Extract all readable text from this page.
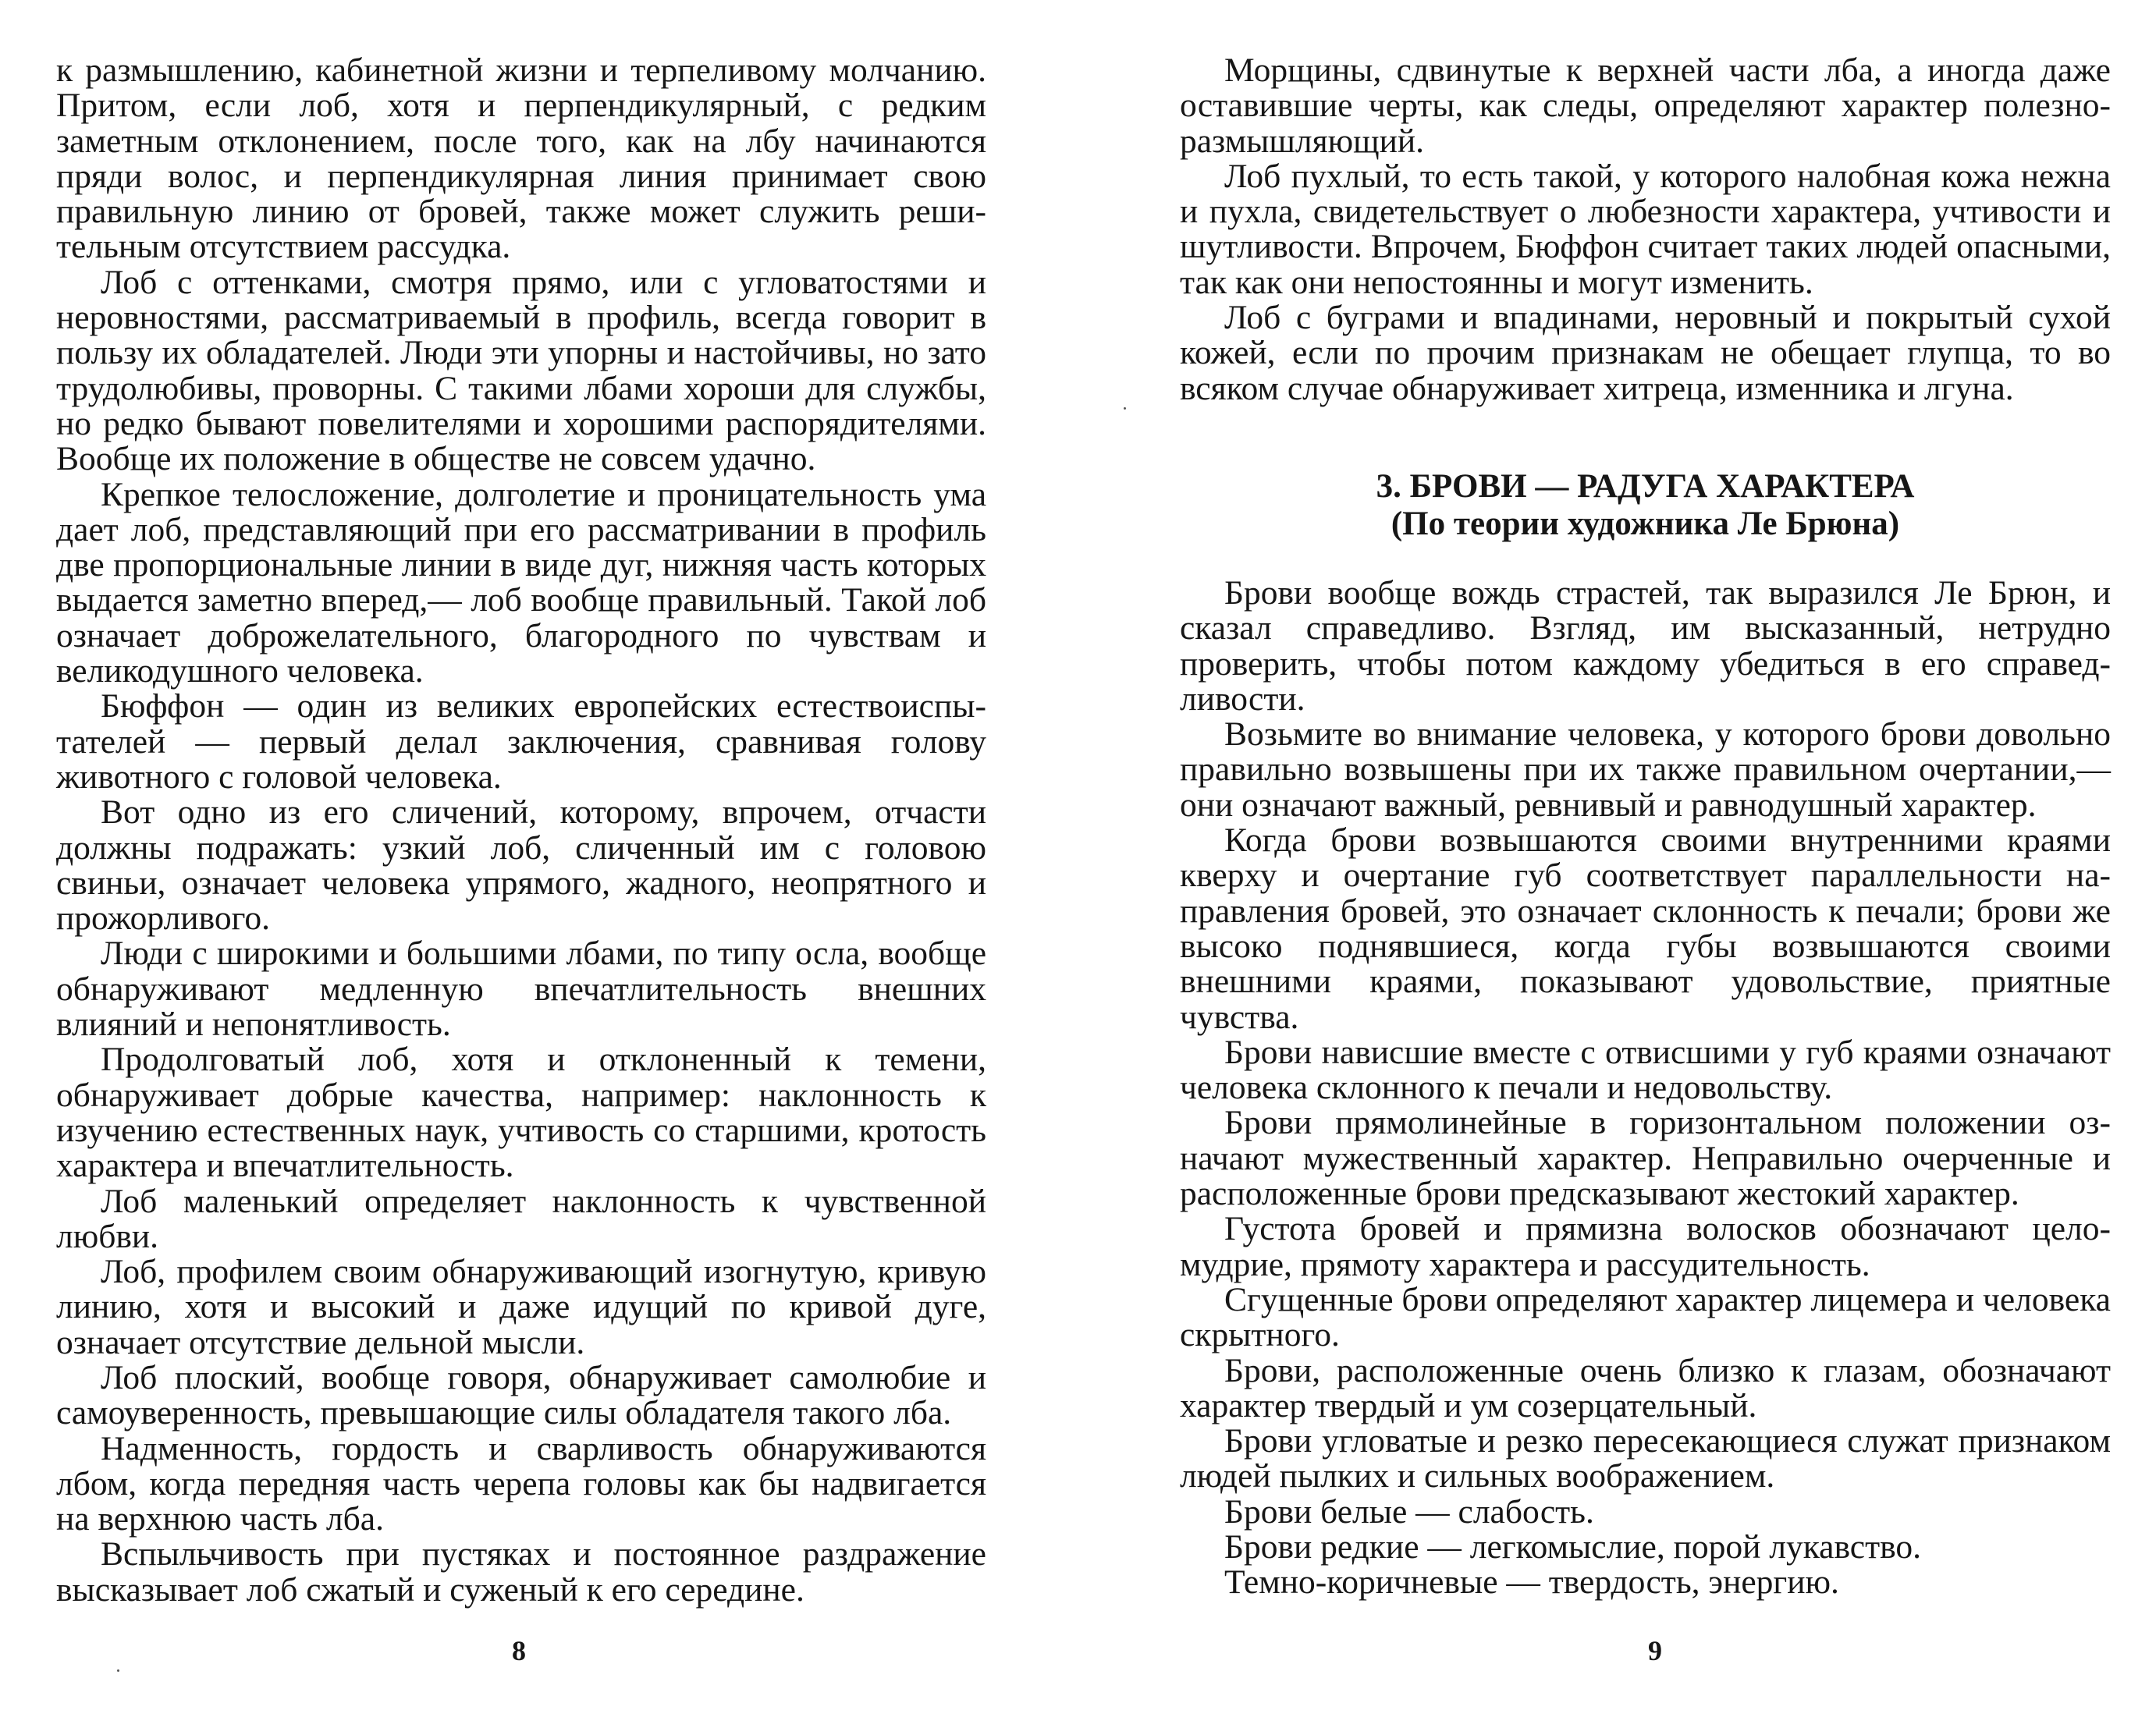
к размышлению, кабинетной жизни и терпеливому молчанию. Притом, если лоб, хотя и перпендикулярный, с редким заметным отклонением, после того, как на лбу начинаются пряди волос, и перпендикулярная линия принимает свою правильную линию от бровей, также может служить решительным отсутствием рассудка.

Лоб с оттенками, смотря прямо, или с угловатостями и неровностями, рассматриваемый в профиль, всегда говорит в пользу их обладателей. Люди эти упорны и настойчивы, но зато трудолюбивы, проворны. С такими лбами хороши для службы, но редко бывают повелителями и хорошими распорядителями. Вообще их положение в обществе не совсем удачно.

Крепкое телосложение, долголетие и проницательность ума дает лоб, представляющий при его рассматривании в профиль две пропорциональные линии в виде дуг, нижняя часть которых выдается заметно вперед,— лоб вообще правильный. Такой лоб означает доброжелательного, благородного по чувствам и великодушного человека.

Бюффон — один из великих европейских естествоиспытателей — первый делал заключения, сравнивая голову животного с головой человека.

Вот одно из его сличений, которому, впрочем, отчасти должны подражать: узкий лоб, сличенный им с головою свиньи, означает человека упрямого, жадного, неопрятного и прожорливого.

Люди с широкими и большими лбами, по типу осла, вообще обнаруживают медленную впечатлительность внешних влияний и непонятливость.

Продолговатый лоб, хотя и отклоненный к темени, обнаруживает добрые качества, например: наклонность к изучению естественных наук, учтивость со старшими, кротость характера и впечатлительность.

Лоб маленький определяет наклонность к чувственной любви.

Лоб, профилем своим обнаруживающий изогнутую, кривую линию, хотя и высокий и даже идущий по кривой дуге, означает отсутствие дельной мысли.

Лоб плоский, вообще говоря, обнаруживает самолюбие и самоуверенность, превышающие силы обладателя такого лба.

Надменность, гордость и сварливость обнаруживаются лбом, когда передняя часть черепа головы как бы надвигается на верхнюю часть лба.

Вспыльчивость при пустяках и постоянное раздражение высказывает лоб сжатый и суженый к его середине.

8

Морщины, сдвинутые к верхней части лба, а иногда даже оставившие черты, как следы, определяют характер полезно-размышляющий.

Лоб пухлый, то есть такой, у которого налобная кожа нежна и пухла, свидетельствует о любезности характера, учтивости и шутливости. Впрочем, Бюффон считает таких людей опасными, так как они непостоянны и могут изменить.

Лоб с буграми и впадинами, неровный и покрытый сухой кожей, если по прочим признакам не обещает глупца, то во всяком случае обнаруживает хитреца, изменника и лгуна.

3. БРОВИ — РАДУГА ХАРАКТЕРА
(По теории художника Ле Брюна)

Брови вообще вождь страстей, так выразился Ле Брюн, и сказал справедливо. Взгляд, им высказанный, нетрудно проверить, чтобы потом каждому убедиться в его справедливости.

Возьмите во внимание человека, у которого брови довольно правильно возвышены при их также правильном очертании,— они означают важный, ревнивый и равнодушный характер.

Когда брови возвышаются своими внутренними краями кверху и очертание губ соответствует параллельности направления бровей, это означает склонность к печали; брови же высоко поднявшиеся, когда губы возвышаются своими внешними краями, показывают удовольствие, приятные чувства.

Брови нависшие вместе с отвисшими у губ краями означают человека склонного к печали и недовольству.

Брови прямолинейные в горизонтальном положении означают мужественный характер. Неправильно очерченные и расположенные брови предсказывают жестокий характер.

Густота бровей и прямизна волосков обозначают целомудрие, прямоту характера и рассудительность.

Сгущенные брови определяют характер лицемера и человека скрытного.

Брови, расположенные очень близко к глазам, обозначают характер твердый и ум созерцательный.

Брови угловатые и резко пересекающиеся служат признаком людей пылких и сильных воображением.

Брови белые — слабость.

Брови редкие — легкомыслие, порой лукавство.

Темно-коричневые — твердость, энергию.

9
